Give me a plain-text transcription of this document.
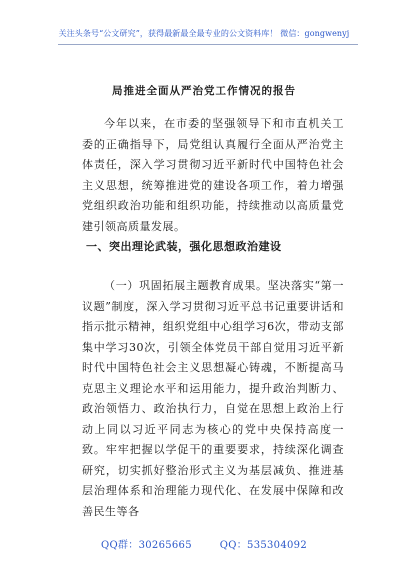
关注头条号“公文研究”，获得最新最全最专业的公文资料库！ 微信：gongwenyj
局推进全面从严治党工作情况的报告

今年以来，在市委的坚强领导下和市直机关工委的正确指导下，局党组认真履行全面从严治党主体责任，深入学习贯彻习近平新时代中国特色社会主义思想，统筹推进党的建设各项工作，着力增强党组织政治功能和组织功能，持续推动以高质量党建引领高质量发展。

一、突出理论武装，强化思想政治建设

（一）巩固拓展主题教育成果。坚决落实“第一议题”制度，深入学习贯彻习近平总书记重要讲话和指示批示精神，组织党组中心组学习6次，带动支部集中学习30次，引领全体党员干部自觉用习近平新时代中国特色社会主义思想凝心铸魂，不断提高马克思主义理论水平和运用能力，提升政治判断力、政治领悟力、政治执行力，自觉在思想上政治上行动上同以习近平同志为核心的党中央保持高度一致。牢牢把握以学促干的重要要求，持续深化调查研究，切实抓好整治形式主义为基层减负、推进基层治理体系和治理能力现代化、在发展中保障和改善民生等各

QQ群：30265665	QQ：535304092
